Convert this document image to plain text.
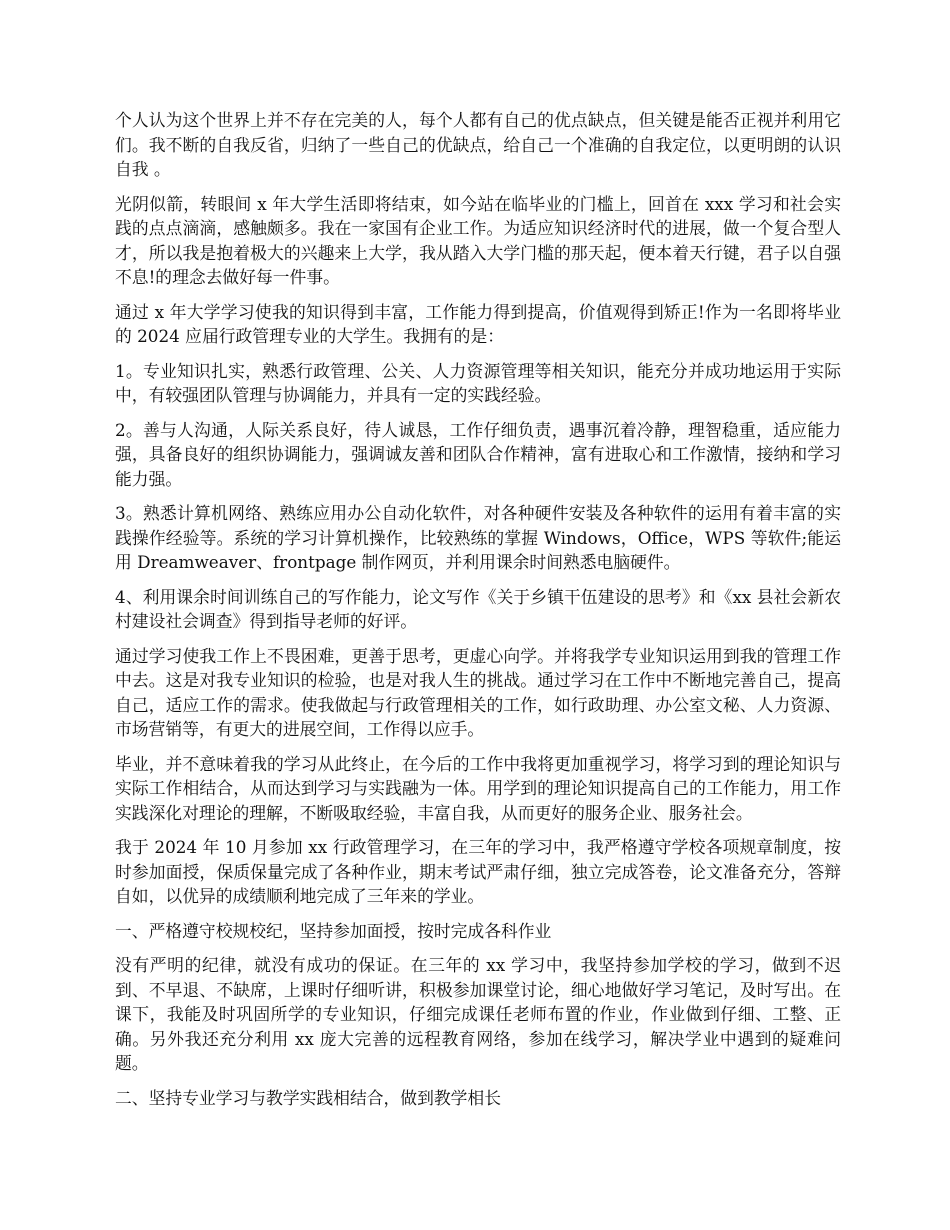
个人认为这个世界上并不存在完美的人，每个人都有自己的优点缺点，但关键是能否正视并利用它们。我不断的自我反省，归纳了一些自己的优缺点，给自己一个准确的自我定位，以更明朗的认识自我 。

光阴似箭，转眼间 x 年大学生活即将结束，如今站在临毕业的门槛上，回首在 xxx 学习和社会实践的点点滴滴，感触颇多。我在一家国有企业工作。为适应知识经济时代的进展，做一个复合型人才，所以我是抱着极大的兴趣来上大学，我从踏入大学门槛的那天起，便本着天行键，君子以自强不息!的理念去做好每一件事。

通过 x 年大学学习使我的知识得到丰富，工作能力得到提高，价值观得到矫正!作为一名即将毕业的 2024 应届行政管理专业的大学生。我拥有的是：

1。专业知识扎实，熟悉行政管理、公关、人力资源管理等相关知识，能充分并成功地运用于实际中，有较强团队管理与协调能力，并具有一定的实践经验。

2。善与人沟通，人际关系良好，待人诚恳，工作仔细负责，遇事沉着冷静，理智稳重，适应能力强，具备良好的组织协调能力，强调诚友善和团队合作精神，富有进取心和工作激情，接纳和学习能力强。

3。熟悉计算机网络、熟练应用办公自动化软件，对各种硬件安装及各种软件的运用有着丰富的实践操作经验等。系统的学习计算机操作，比较熟练的掌握 Windows，Office，WPS 等软件;能运用 Dreamweaver、frontpage 制作网页，并利用课余时间熟悉电脑硬件。

4、利用课余时间训练自己的写作能力，论文写作《关于乡镇干伍建设的思考》和《xx 县社会新农村建设社会调查》得到指导老师的好评。

通过学习使我工作上不畏困难，更善于思考，更虚心向学。并将我学专业知识运用到我的管理工作中去。这是对我专业知识的检验，也是对我人生的挑战。通过学习在工作中不断地完善自己，提高自己，适应工作的需求。使我做起与行政管理相关的工作，如行政助理、办公室文秘、人力资源、市场营销等，有更大的进展空间，工作得以应手。

毕业，并不意味着我的学习从此终止，在今后的工作中我将更加重视学习，将学习到的理论知识与实际工作相结合，从而达到学习与实践融为一体。用学到的理论知识提高自己的工作能力，用工作实践深化对理论的理解，不断吸取经验，丰富自我，从而更好的服务企业、服务社会。

我于 2024 年 10 月参加 xx 行政管理学习，在三年的学习中，我严格遵守学校各项规章制度，按时参加面授，保质保量完成了各种作业，期末考试严肃仔细，独立完成答卷，论文准备充分，答辩自如，以优异的成绩顺利地完成了三年来的学业。

一、严格遵守校规校纪，坚持参加面授，按时完成各科作业

没有严明的纪律，就没有成功的保证。在三年的 xx 学习中，我坚持参加学校的学习，做到不迟到、不早退、不缺席，上课时仔细听讲，积极参加课堂讨论，细心地做好学习笔记，及时写出。在课下，我能及时巩固所学的专业知识，仔细完成课任老师布置的作业，作业做到仔细、工整、正确。另外我还充分利用 xx 庞大完善的远程教育网络，参加在线学习，解决学业中遇到的疑难问题。

二、坚持专业学习与教学实践相结合，做到教学相长
